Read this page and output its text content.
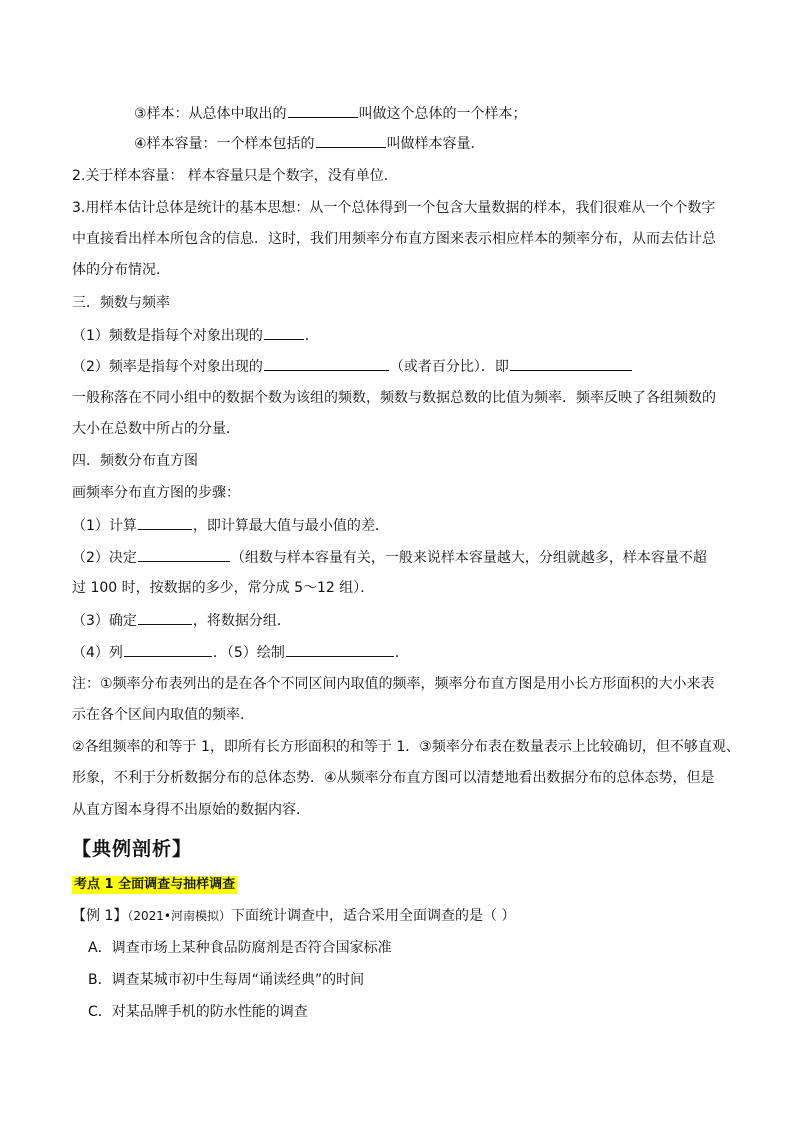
③样本：从总体中取出的	叫做这个总体的一个样本；
④样本容量：一个样本包括的	叫做样本容量．
2.关于样本容量： 样本容量只是个数字，没有单位．
3.用样本估计总体是统计的基本思想：从一个总体得到一个包含大量数据的样本，我们很难从一个个数字
中直接看出样本所包含的信息．这时，我们用频率分布直方图来表示相应样本的频率分布，从而去估计总
体的分布情况．
三．频数与频率
（1）频数是指每个对象出现的	．
（2）频率是指每个对象出现的	（或者百分比）．即
一般称落在不同小组中的数据个数为该组的频数，频数与数据总数的比值为频率．频率反映了各组频数的
大小在总数中所占的分量．
四．频数分布直方图
画频率分布直方图的步骤：
（1）计算	，即计算最大值与最小值的差．
（2）决定	（组数与样本容量有关，一般来说样本容量越大，分组就越多，样本容量不超
过 100 时，按数据的多少，常分成 5～12 组）．
（3）确定	，将数据分组．
（4）列	．（5）绘制	．
注：①频率分布表列出的是在各个不同区间内取值的频率，频率分布直方图是用小长方形面积的大小来表
示在各个区间内取值的频率．
②各组频率的和等于 1，即所有长方形面积的和等于 1．③频率分布表在数量表示上比较确切，但不够直观、
形象，不利于分析数据分布的总体态势．④从频率分布直方图可以清楚地看出数据分布的总体态势，但是
从直方图本身得不出原始的数据内容．
【典例剖析】
考点 1 全面调查与抽样调查
【例 1】（2021•河南模拟）下面统计调查中，适合采用全面调查的是（ ）
A．调查市场上某种食品防腐剂是否符合国家标准
B．调查某城市初中生每周“诵读经典”的时间
C．对某品牌手机的防水性能的调查
